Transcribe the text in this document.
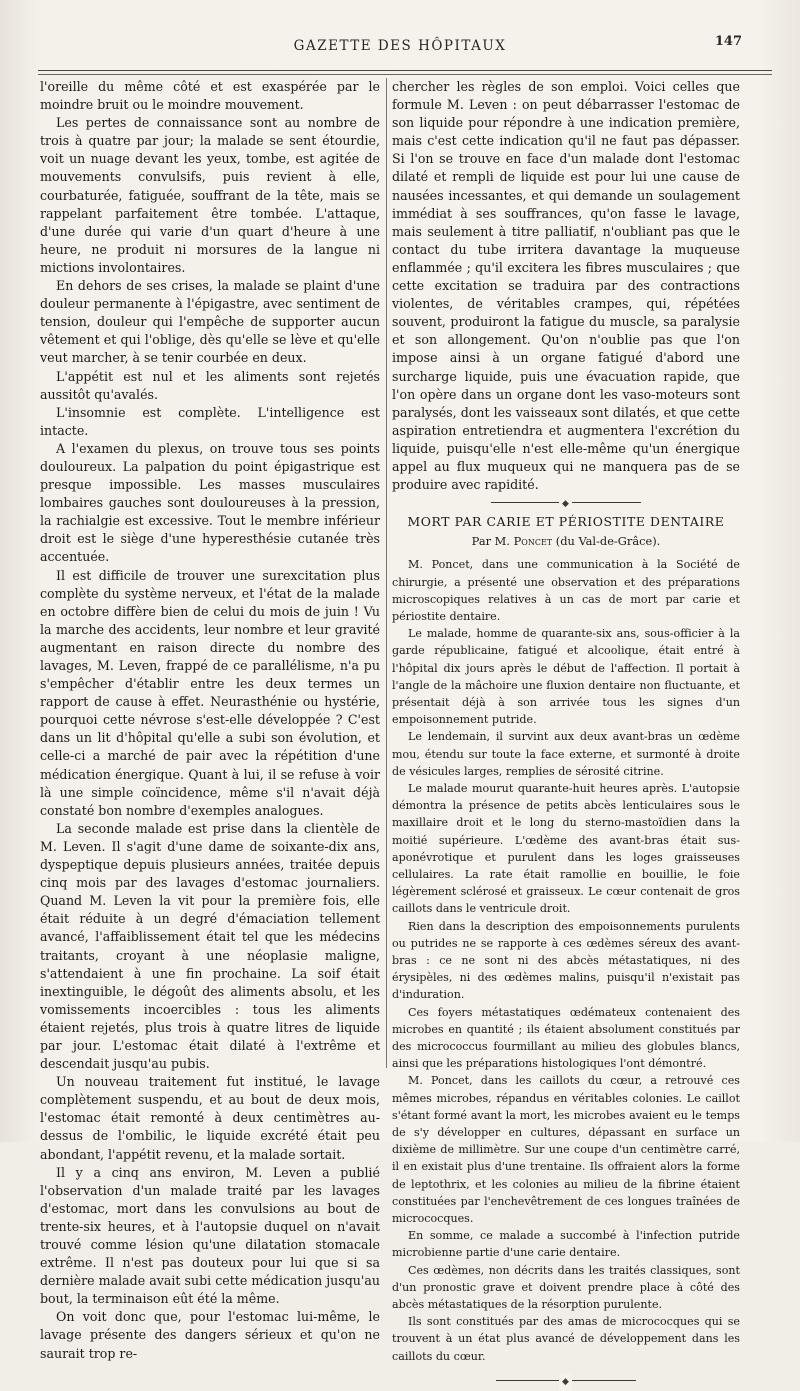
GAZETTE DES HÔPITAUX	147

l'oreille du même côté et est exaspérée par le moindre bruit ou le moindre mouvement.

Les pertes de connaissance sont au nombre de trois à quatre par jour; la malade se sent étourdie, voit un nuage devant les yeux, tombe, est agitée de mouvements convulsifs, puis revient à elle, courbaturée, fatiguée, souffrant de la tête, mais se rappelant parfaitement être tombée. L'attaque, d'une durée qui varie d'un quart d'heure à une heure, ne produit ni morsures de la langue ni mictions involontaires.

En dehors de ses crises, la malade se plaint d'une douleur permanente à l'épigastre, avec sentiment de tension, douleur qui l'empêche de supporter aucun vêtement et qui l'oblige, dès qu'elle se lève et qu'elle veut marcher, à se tenir courbée en deux.

L'appétit est nul et les aliments sont rejetés aussitôt qu'avalés.

L'insomnie est complète. L'intelligence est intacte.

A l'examen du plexus, on trouve tous ses points douloureux. La palpation du point épigastrique est presque impossible. Les masses musculaires lombaires gauches sont douloureuses à la pression, la rachialgie est excessive. Tout le membre inférieur droit est le siège d'une hyperesthésie cutanée très accentuée.

Il est difficile de trouver une surexcitation plus complète du système nerveux, et l'état de la malade en octobre diffère bien de celui du mois de juin ! Vu la marche des accidents, leur nombre et leur gravité augmentant en raison directe du nombre des lavages, M. Leven, frappé de ce parallélisme, n'a pu s'empêcher d'établir entre les deux termes un rapport de cause à effet. Neurasthénie ou hystérie, pourquoi cette névrose s'est-elle développée ? C'est dans un lit d'hôpital qu'elle a subi son évolution, et celle-ci a marché de pair avec la répétition d'une médication énergique. Quant à lui, il se refuse à voir là une simple coïncidence, même s'il n'avait déjà constaté bon nombre d'exemples analogues.

La seconde malade est prise dans la clientèle de M. Leven. Il s'agit d'une dame de soixante-dix ans, dyspeptique depuis plusieurs années, traitée depuis cinq mois par des lavages d'estomac journaliers. Quand M. Leven la vit pour la première fois, elle était réduite à un degré d'émaciation tellement avancé, l'affaiblissement était tel que les médecins traitants, croyant à une néoplasie maligne, s'attendaient à une fin prochaine. La soif était inextinguible, le dégoût des aliments absolu, et les vomissements incoercibles : tous les aliments étaient rejetés, plus trois à quatre litres de liquide par jour. L'estomac était dilaté à l'extrême et descendait jusqu'au pubis.

Un nouveau traitement fut institué, le lavage complètement suspendu, et au bout de deux mois, l'estomac était remonté à deux centimètres au-dessus de l'ombilic, le liquide excrété était peu abondant, l'appétit revenu, et la malade sortait.

Il y a cinq ans environ, M. Leven a publié l'observation d'un malade traité par les lavages d'estomac, mort dans les convulsions au bout de trente-six heures, et à l'autopsie duquel on n'avait trouvé comme lésion qu'une dilatation stomacale extrême. Il n'est pas douteux pour lui que si sa dernière malade avait subi cette médication jusqu'au bout, la terminaison eût été la même.

On voit donc que, pour l'estomac lui-même, le lavage présente des dangers sérieux et qu'on ne saurait trop re-

chercher les règles de son emploi. Voici celles que formule M. Leven : on peut débarrasser l'estomac de son liquide pour répondre à une indication première, mais c'est cette indication qu'il ne faut pas dépasser. Si l'on se trouve en face d'un malade dont l'estomac dilaté et rempli de liquide est pour lui une cause de nausées incessantes, et qui demande un soulagement immédiat à ses souffrances, qu'on fasse le lavage, mais seulement à titre palliatif, n'oubliant pas que le contact du tube irritera davantage la muqueuse enflammée ; qu'il excitera les fibres musculaires ; que cette excitation se traduira par des contractions violentes, de véritables crampes, qui, répétées souvent, produiront la fatigue du muscle, sa paralysie et son allongement. Qu'on n'oublie pas que l'on impose ainsi à un organe fatigué d'abord une surcharge liquide, puis une évacuation rapide, que l'on opère dans un organe dont les vaso-moteurs sont paralysés, dont les vaisseaux sont dilatés, et que cette aspiration entretiendra et augmentera l'excrétion du liquide, puisqu'elle n'est elle-même qu'un énergique appel au flux muqueux qui ne manquera pas de se produire avec rapidité.

◆
MORT PAR CARIE ET PÉRIOSTITE DENTAIRE
Par M. Poncet (du Val-de-Grâce).

M. Poncet, dans une communication à la Société de chirurgie, a présenté une observation et des préparations microscopiques relatives à un cas de mort par carie et périostite dentaire.

Le malade, homme de quarante-six ans, sous-officier à la garde républicaine, fatigué et alcoolique, était entré à l'hôpital dix jours après le début de l'affection. Il portait à l'angle de la mâchoire une fluxion dentaire non fluctuante, et présentait déjà à son arrivée tous les signes d'un empoisonnement putride.

Le lendemain, il survint aux deux avant-bras un œdème mou, étendu sur toute la face externe, et surmonté à droite de vésicules larges, remplies de sérosité citrine.

Le malade mourut quarante-huit heures après. L'autopsie démontra la présence de petits abcès lenticulaires sous le maxillaire droit et le long du sterno-mastoïdien dans la moitié supérieure. L'œdème des avant-bras était sus-aponévrotique et purulent dans les loges graisseuses cellulaires. La rate était ramollie en bouillie, le foie légèrement sclérosé et graisseux. Le cœur contenait de gros caillots dans le ventricule droit.

Rien dans la description des empoisonnements purulents ou putrides ne se rapporte à ces œdèmes séreux des avant-bras : ce ne sont ni des abcès métastatiques, ni des érysipèles, ni des œdèmes malins, puisqu'il n'existait pas d'induration.

Ces foyers métastatiques œdémateux contenaient des microbes en quantité ; ils étaient absolument constitués par des micrococcus fourmillant au milieu des globules blancs, ainsi que les préparations histologiques l'ont démontré.

M. Poncet, dans les caillots du cœur, a retrouvé ces mêmes microbes, répandus en véritables colonies. Le caillot s'étant formé avant la mort, les microbes avaient eu le temps de s'y développer en cultures, dépassant en surface un dixième de millimètre. Sur une coupe d'un centimètre carré, il en existait plus d'une trentaine. Ils offraient alors la forme de leptothrix, et les colonies au milieu de la fibrine étaient constituées par l'enchevêtrement de ces longues traînées de micrococques.

En somme, ce malade a succombé à l'infection putride microbienne partie d'une carie dentaire.

Ces œdèmes, non décrits dans les traités classiques, sont d'un pronostic grave et doivent prendre place à côté des abcès métastatiques de la résorption purulente.

Ils sont constitués par des amas de micrococques qui se trouvent à un état plus avancé de développement dans les caillots du cœur.

◆
